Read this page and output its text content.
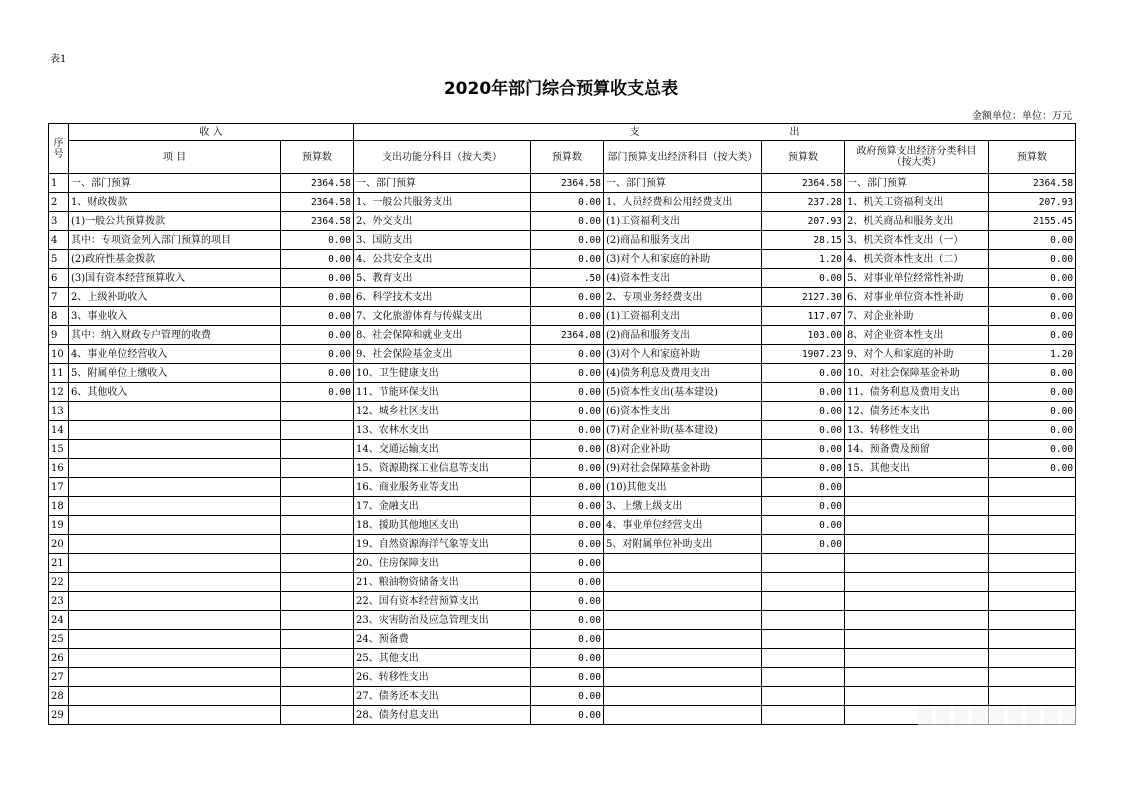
表1
2020年部门综合预算收支总表
金额单位：单位：万元
序号	收 入		支 出					
	项 目	预算数	支出功能分科目（按大类）	预算数	部门预算支出经济科目（按大类）	预算数	政府预算支出经济分类科目（按大类）	预算数
1	一、部门预算	2364.58	一、部门预算	2364.58	一、部门预算	2364.58	一、部门预算	2364.58
2	1、财政拨款	2364.58	1、一般公共服务支出	0.00	1、人员经费和公用经费支出	237.28	1、机关工资福利支出	207.93
3	(1)一般公共预算拨款	2364.58	2、外交支出	0.00	(1)工资福利支出	207.93	2、机关商品和服务支出	2155.45
4	其中：专项资金列入部门预算的项目	0.00	3、国防支出	0.00	(2)商品和服务支出	28.15	3、机关资本性支出（一）	0.00
5	(2)政府性基金拨款	0.00	4、公共安全支出	0.00	(3)对个人和家庭的补助	1.20	4、机关资本性支出（二）	0.00
6	(3)国有资本经营预算收入	0.00	5、教育支出	.50	(4)资本性支出	0.00	5、对事业单位经常性补助	0.00
7	2、上级补助收入	0.00	6、科学技术支出	0.00	2、专项业务经费支出	2127.30	6、对事业单位资本性补助	0.00
8	3、事业收入	0.00	7、文化旅游体育与传媒支出	0.00	(1)工资福利支出	117.07	7、对企业补助	0.00
9	其中：纳入财政专户管理的收费	0.00	8、社会保障和就业支出	2364.08	(2)商品和服务支出	103.00	8、对企业资本性支出	0.00
10	4、事业单位经营收入	0.00	9、社会保险基金支出	0.00	(3)对个人和家庭补助	1907.23	9、对个人和家庭的补助	1.20
11	5、附属单位上缴收入	0.00	10、卫生健康支出	0.00	(4)债务利息及费用支出	0.00	10、对社会保障基金补助	0.00
12	6、其他收入	0.00	11、节能环保支出	0.00	(5)资本性支出(基本建设)	0.00	11、债务利息及费用支出	0.00
13			12、城乡社区支出	0.00	(6)资本性支出	0.00	12、债务还本支出	0.00
14			13、农林水支出	0.00	(7)对企业补助(基本建设)	0.00	13、转移性支出	0.00
15			14、交通运输支出	0.00	(8)对企业补助	0.00	14、预备费及预留	0.00
16			15、资源勘探工业信息等支出	0.00	(9)对社会保障基金补助	0.00	15、其他支出	0.00
17			16、商业服务业等支出	0.00	(10)其他支出	0.00		
18			17、金融支出	0.00	3、上缴上级支出	0.00		
19			18、援助其他地区支出	0.00	4、事业单位经营支出	0.00		
20			19、自然资源海洋气象等支出	0.00	5、对附属单位补助支出	0.00		
21			20、住房保障支出	0.00				
22			21、粮油物资储备支出	0.00				
23			22、国有资本经营预算支出	0.00				
24			23、灾害防治及应急管理支出	0.00				
25			24、预备费	0.00				
26			25、其他支出	0.00				
27			26、转移性支出	0.00				
28			27、债务还本支出	0.00				
29			28、债务付息支出	0.00				
